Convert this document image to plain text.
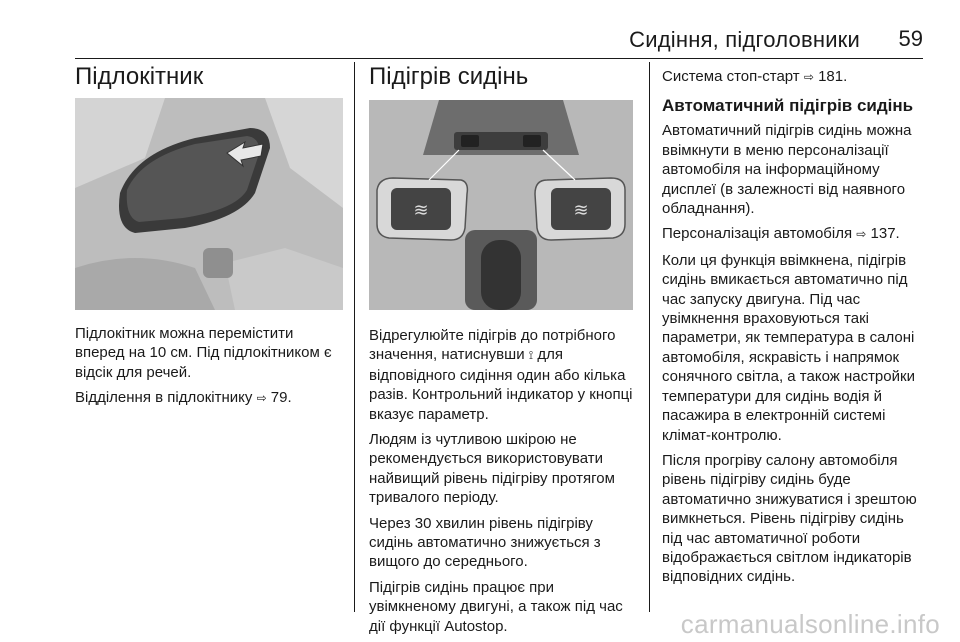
Сидіння, підголовники 59
Підлокітник

Підлокітник можна перемістити вперед на 10 см. Під підлокітником є відсік для речей.

Відділення в підлокітнику ⇨ 79.

Підігрів сидінь
≋	≋

Відрегулюйте підігрів до потрібного значення, натиснувши ⟟ для відповідного сидіння один або кілька разів. Контрольний індикатор у кнопці вказує параметр.

Людям із чутливою шкірою не рекомендується використовувати найвищий рівень підігріву протягом тривалого періоду.

Через 30 хвилин рівень підігріву сидінь автоматично знижується з вищого до середнього.

Підігрів сидінь працює при увімкненому двигуні, а також під час дії функції Autostop.

Система стоп-старт ⇨ 181.

Автоматичний підігрів сидінь

Автоматичний підігрів сидінь можна ввімкнути в меню персоналізації автомобіля на інформаційному дисплеї (в залежності від наявного обладнання).

Персоналізація автомобіля ⇨ 137.

Коли ця функція ввімкнена, підігрів сидінь вмикається автоматично під час запуску двигуна. Під час увімкнення враховуються такі параметри, як температура в салоні автомобіля, яскравість і напрямок сонячного світла, а також настройки температури для сидінь водія й пасажира в електронній системі клімат-контролю.

Після прогріву салону автомобіля рівень підігріву сидінь буде автоматично знижуватися і зрештою вимкнеться. Рівень підігріву сидінь під час автоматичної роботи відображається світлом індикаторів відповідних сидінь.

carmanualsonline.info
